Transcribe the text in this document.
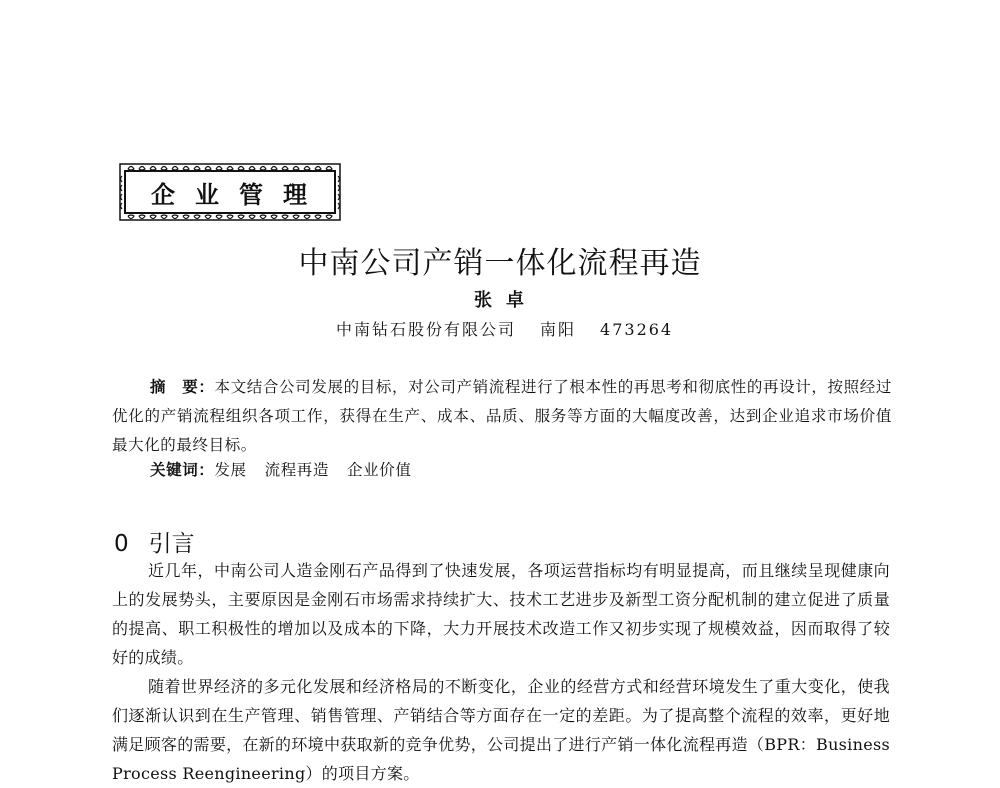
企业管理
中南公司产销一体化流程再造
张卓
中南钻石股份有限公司 南阳 473264
摘　要：本文结合公司发展的目标，对公司产销流程进行了根本性的再思考和彻底性的再设计，按照经过优化的产销流程组织各项工作，获得在生产、成本、品质、服务等方面的大幅度改善，达到企业追求市场价值最大化的最终目标。
关键词：发展 流程再造 企业价值
0 引言

近几年，中南公司人造金刚石产品得到了快速发展，各项运营指标均有明显提高，而且继续呈现健康向上的发展势头，主要原因是金刚石市场需求持续扩大、技术工艺进步及新型工资分配机制的建立促进了质量的提高、职工积极性的增加以及成本的下降，大力开展技术改造工作又初步实现了规模效益，因而取得了较好的成绩。

随着世界经济的多元化发展和经济格局的不断变化，企业的经营方式和经营环境发生了重大变化，使我们逐渐认识到在生产管理、销售管理、产销结合等方面存在一定的差距。为了提高整个流程的效率，更好地满足顾客的需要，在新的环境中获取新的竞争优势，公司提出了进行产销一体化流程再造（BPR：Business Process Reengineering）的项目方案。
